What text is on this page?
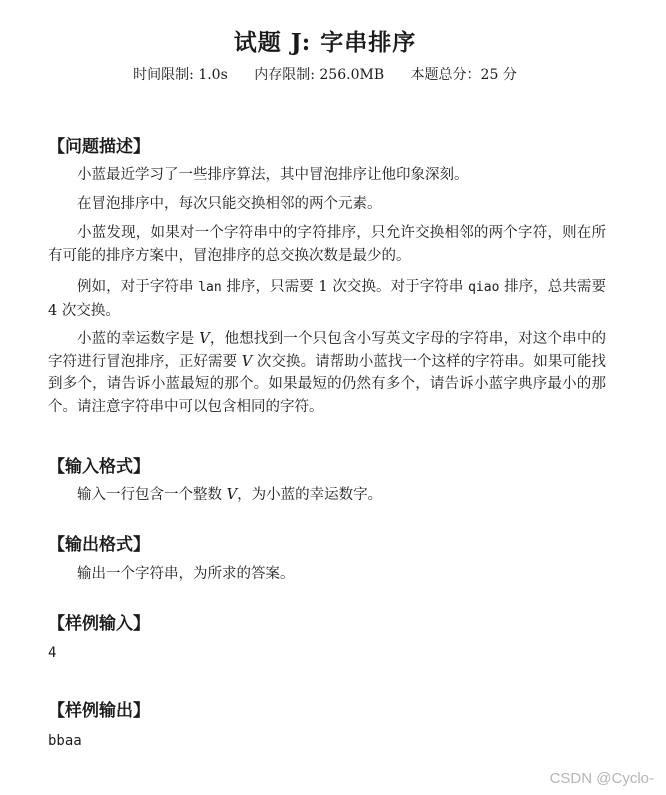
试题 J: 字串排序
时间限制: 1.0s 内存限制: 256.0MB 本题总分：25 分
【问题描述】
小蓝最近学习了一些排序算法，其中冒泡排序让他印象深刻。
在冒泡排序中，每次只能交换相邻的两个元素。
小蓝发现，如果对一个字符串中的字符排序，只允许交换相邻的两个字符，则在所有可能的排序方案中，冒泡排序的总交换次数是最少的。
例如，对于字符串 lan 排序，只需要 1 次交换。对于字符串 qiao 排序，总共需要 4 次交换。
小蓝的幸运数字是 V，他想找到一个只包含小写英文字母的字符串，对这个串中的字符进行冒泡排序，正好需要 V 次交换。请帮助小蓝找一个这样的字符串。如果可能找到多个，请告诉小蓝最短的那个。如果最短的仍然有多个，请告诉小蓝字典序最小的那个。请注意字符串中可以包含相同的字符。
【输入格式】
输入一行包含一个整数 V，为小蓝的幸运数字。
【输出格式】
输出一个字符串，为所求的答案。
【样例输入】
4
【样例输出】
bbaa
CSDN @Cyclo-
